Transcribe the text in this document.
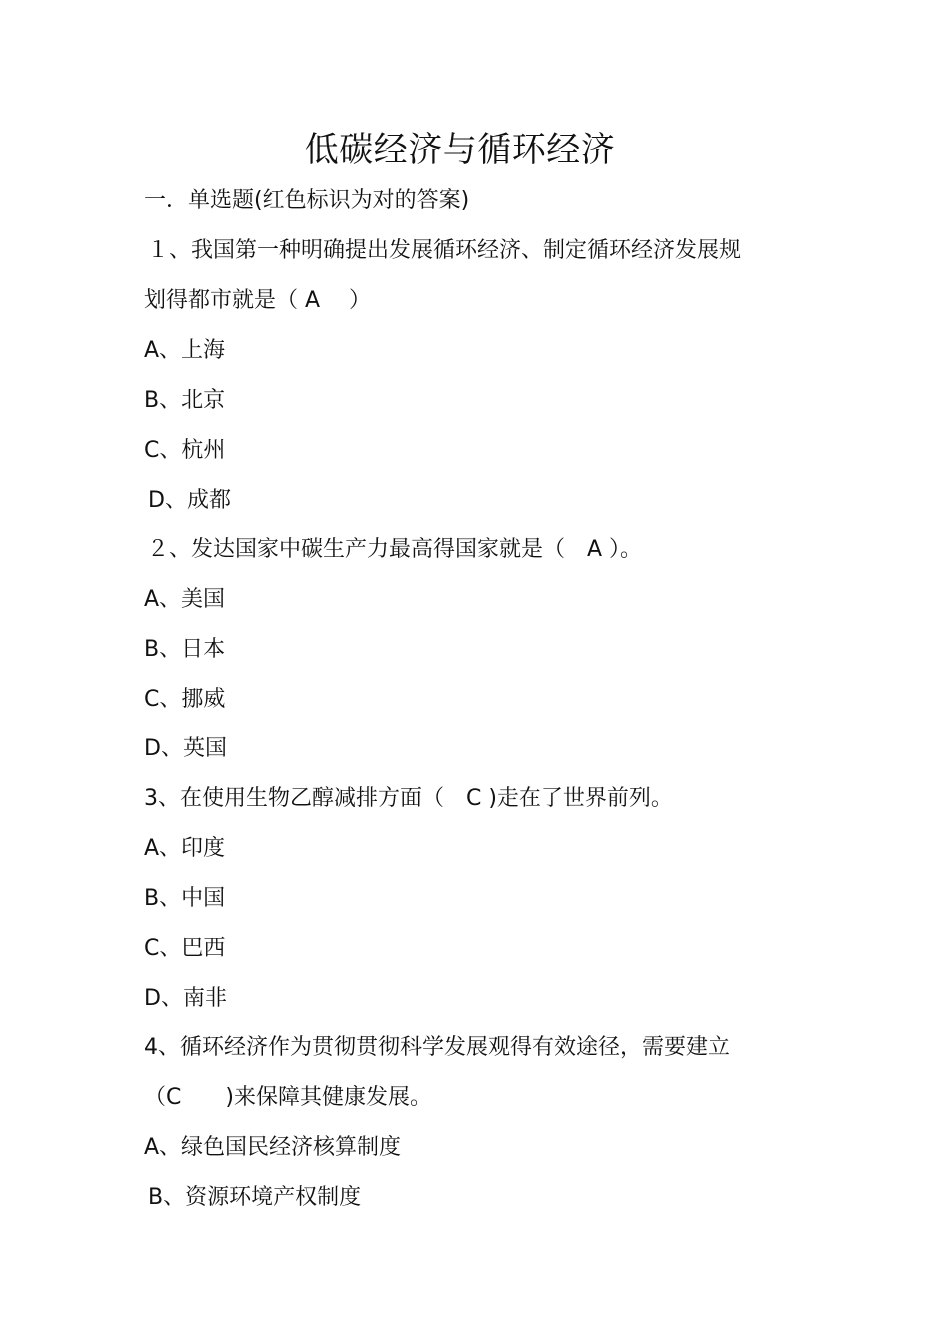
低碳经济与循环经济
一．单选题(红色标识为对的答案)
１、我国第一种明确提出发展循环经济、制定循环经济发展规
划得都市就是（ A　 ）
A、上海
B、北京
C、杭州
D、成都
２、发达国家中碳生产力最高得国家就是（　A ）。
A、美国
B、日本
C、挪威
D、英国
3、在使用生物乙醇减排方面（　C )走在了世界前列。
A、印度
B、中国
C、巴西
D、南非
4、循环经济作为贯彻贯彻科学发展观得有效途径，需要建立
（C　　)来保障其健康发展。
A、绿色国民经济核算制度
B、资源环境产权制度
